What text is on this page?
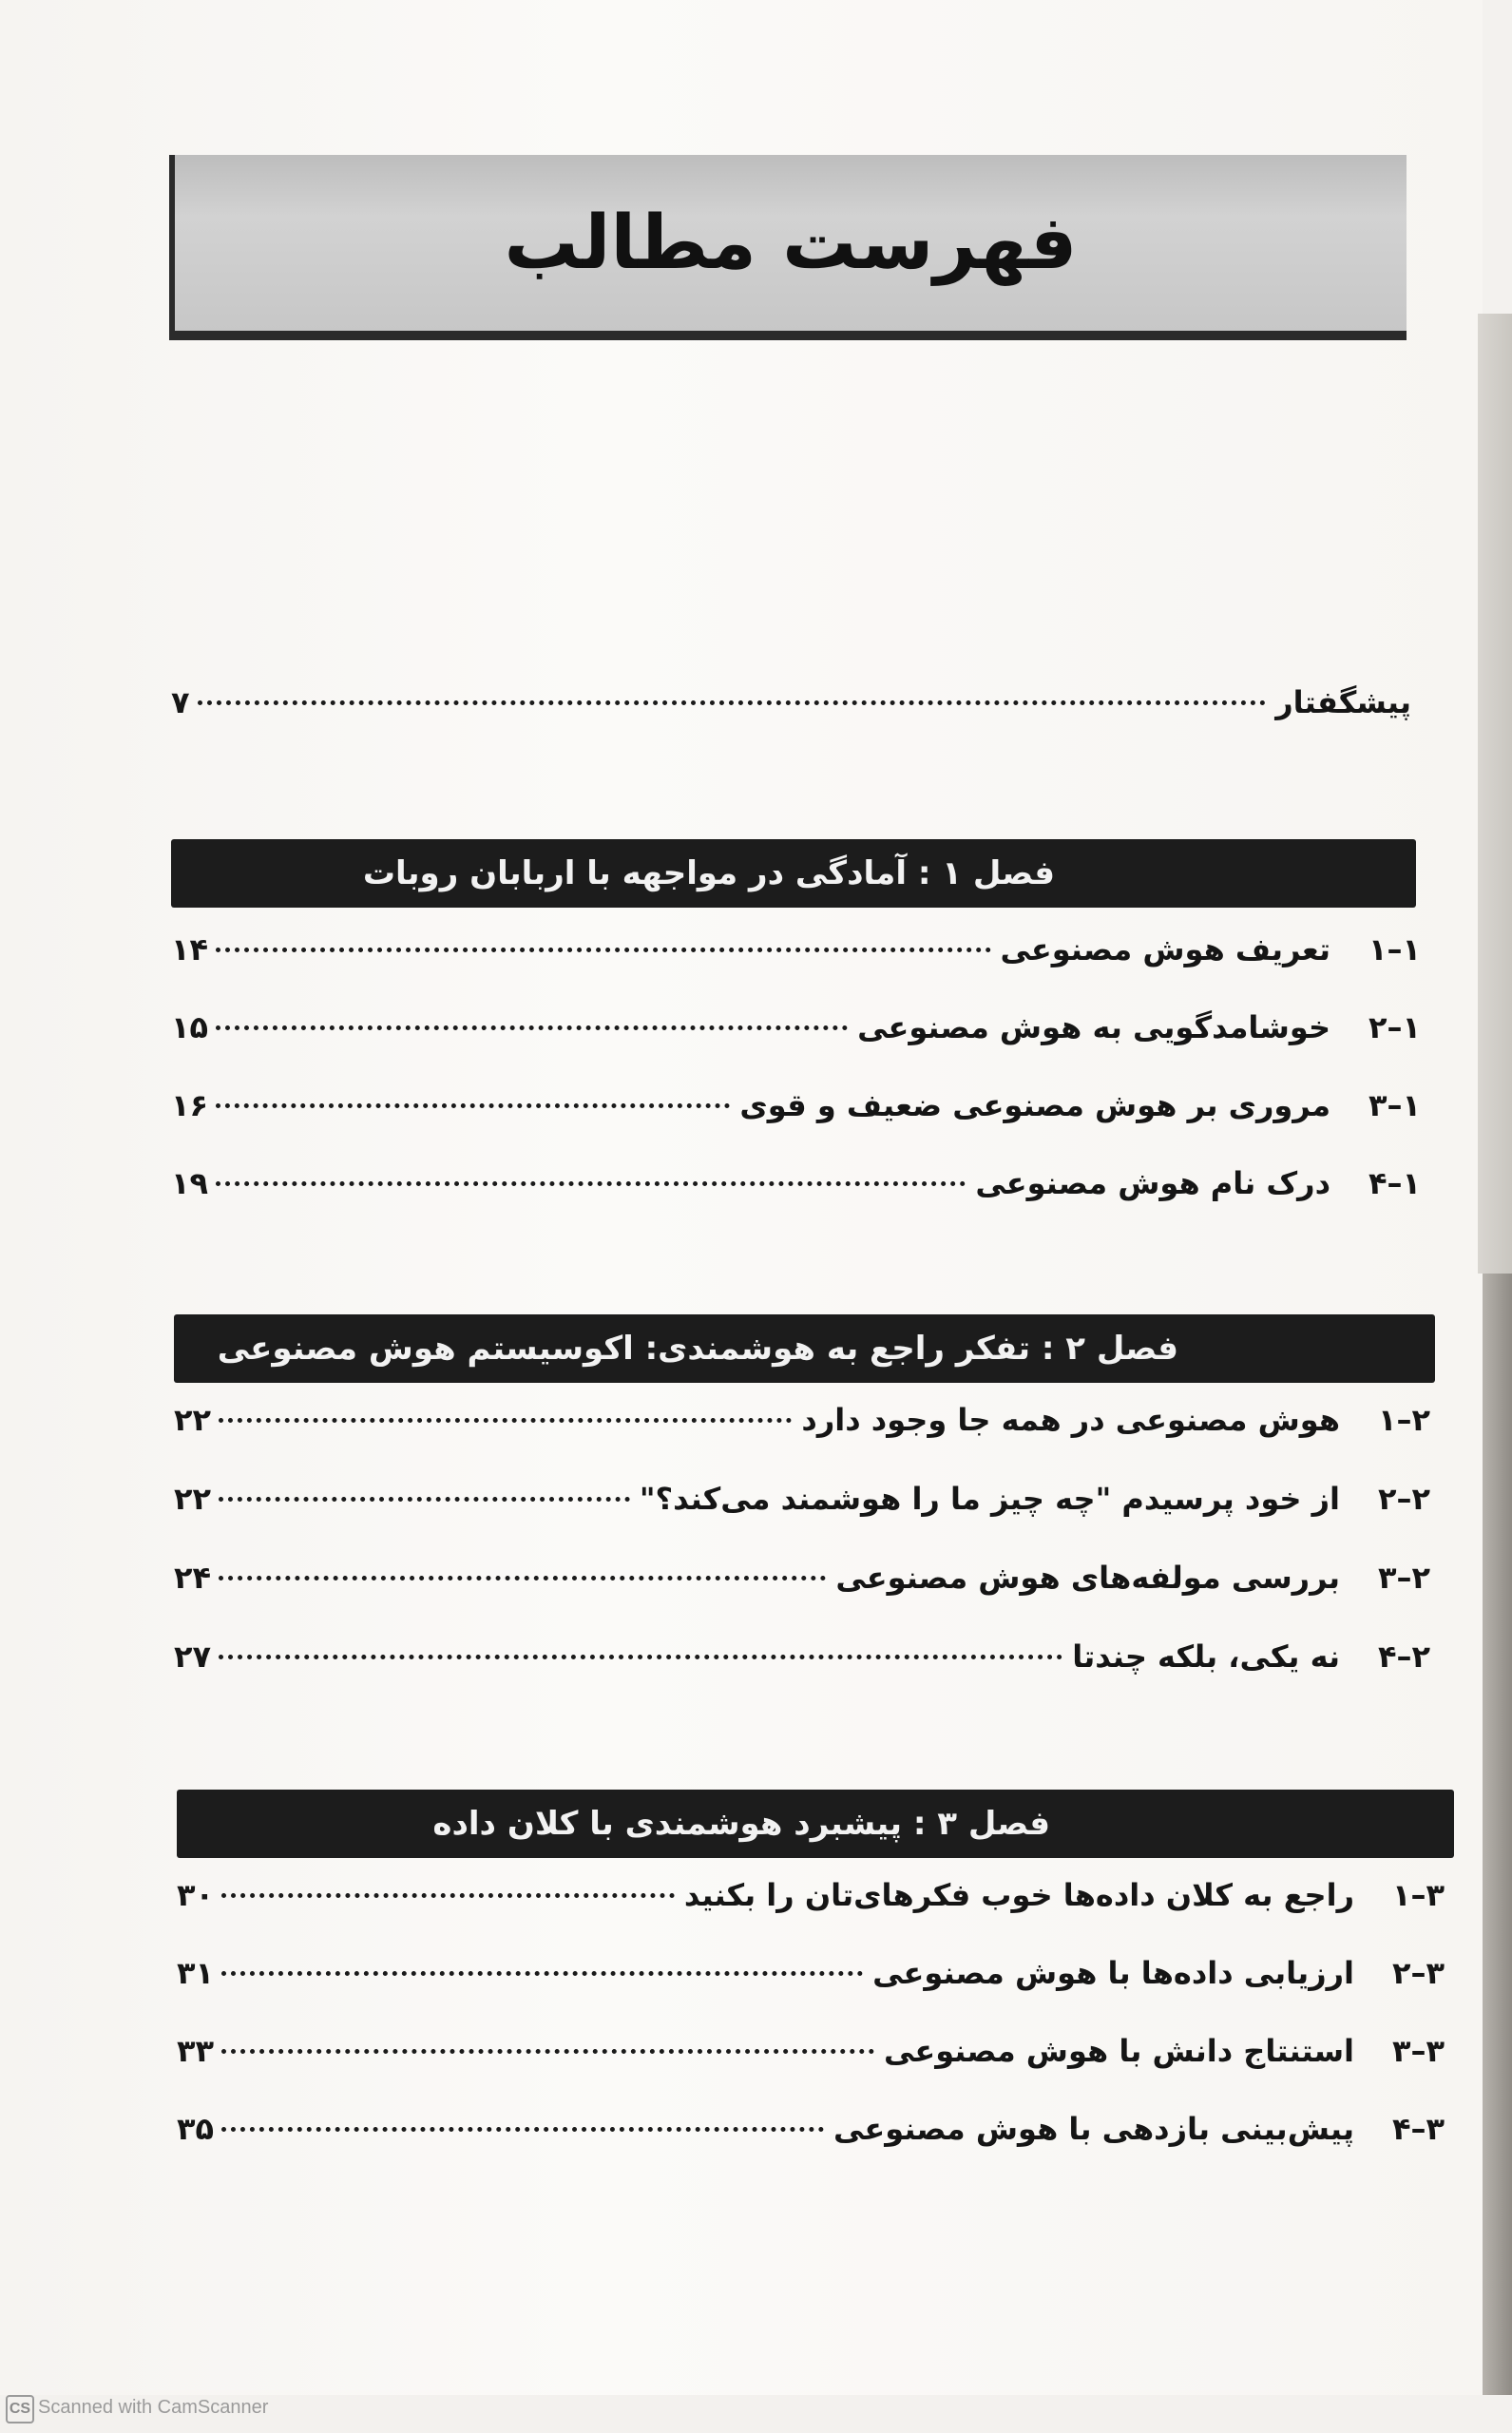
فهرست مطالب
پیشگفتار
۷
فصل ۱ : آمادگی در مواجهه با اربابان روبات
۱–۱
تعریف هوش مصنوعی
۱۴
۱–۲
خوشامدگویی به هوش مصنوعی
۱۵
۱–۳
مروری بر هوش مصنوعی ضعیف و قوی
۱۶
۱–۴
درک نام هوش مصنوعی
۱۹
فصل ۲ : تفکر راجع به هوشمندی: اکوسیستم هوش مصنوعی
۲–۱
هوش مصنوعی در همه جا وجود دارد
۲۲
۲–۲
از خود پرسیدم "چه چیز ما را هوشمند می‌کند؟"
۲۲
۲–۳
بررسی مولفه‌های هوش مصنوعی
۲۴
۲–۴
نه یکی، بلکه چندتا
۲۷
فصل ۳ : پیشبرد هوشمندی با کلان داده
۳–۱
راجع به کلان داده‌ها خوب فکرهای‌تان را بکنید
۳۰
۳–۲
ارزیابی داده‌ها با هوش مصنوعی
۳۱
۳–۳
استنتاج دانش با هوش مصنوعی
۳۳
۳–۴
پیش‌بینی بازدهی با هوش مصنوعی
۳۵
CS Scanned with CamScanner
